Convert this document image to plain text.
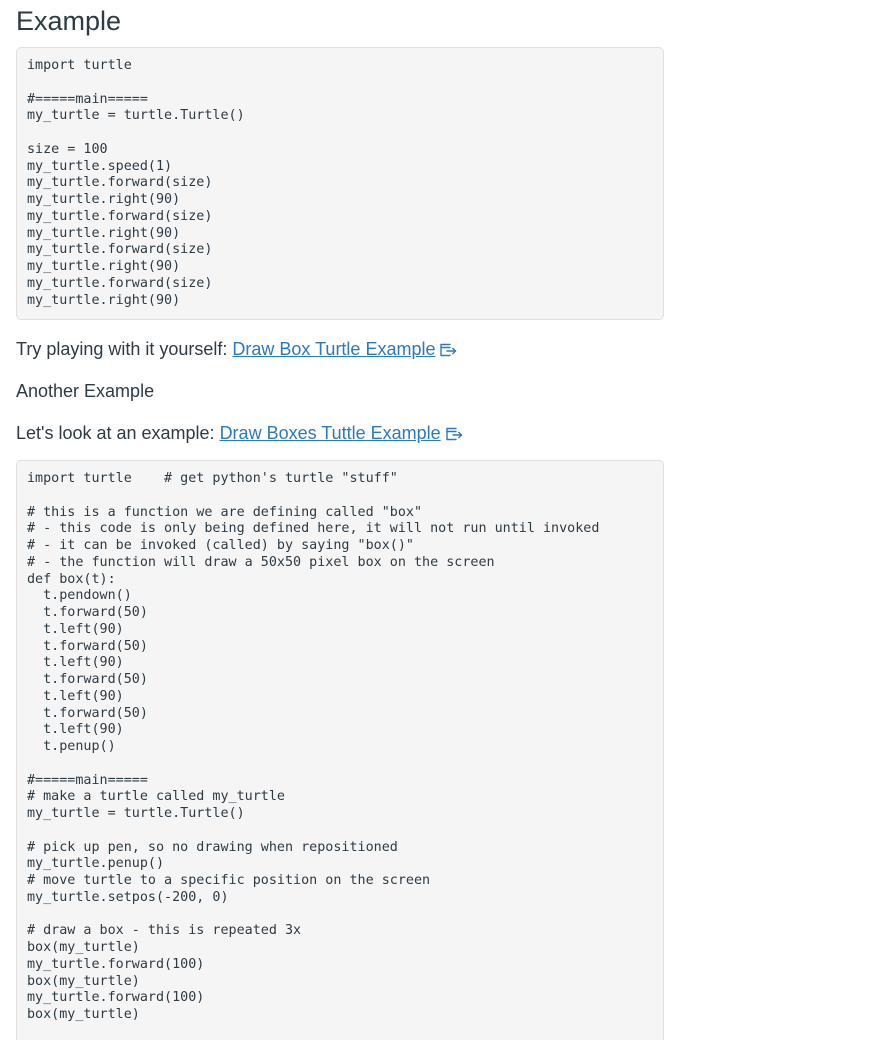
Example
import turtle

#=====main=====
my_turtle = turtle.Turtle()

size = 100
my_turtle.speed(1)
my_turtle.forward(size)
my_turtle.right(90)
my_turtle.forward(size)
my_turtle.right(90)
my_turtle.forward(size)
my_turtle.right(90)
my_turtle.forward(size)
my_turtle.right(90)

Try playing with it yourself: Draw Box Turtle Example

Another Example

Let's look at an example: Draw Boxes Tuttle Example

import turtle    # get python's turtle "stuff"

# this is a function we are defining called "box"
# - this code is only being defined here, it will not run until invoked
# - it can be invoked (called) by saying "box()"
# - the function will draw a 50x50 pixel box on the screen
def box(t):
t.pendown()
t.forward(50)
t.left(90)
t.forward(50)
t.left(90)
t.forward(50)
t.left(90)
t.forward(50)
t.left(90)
t.penup()

#=====main=====
# make a turtle called my_turtle
my_turtle = turtle.Turtle()

# pick up pen, so no drawing when repositioned
my_turtle.penup()
# move turtle to a specific position on the screen
my_turtle.setpos(-200, 0)

# draw a box - this is repeated 3x
box(my_turtle)
my_turtle.forward(100)
box(my_turtle)
my_turtle.forward(100)
box(my_turtle)
